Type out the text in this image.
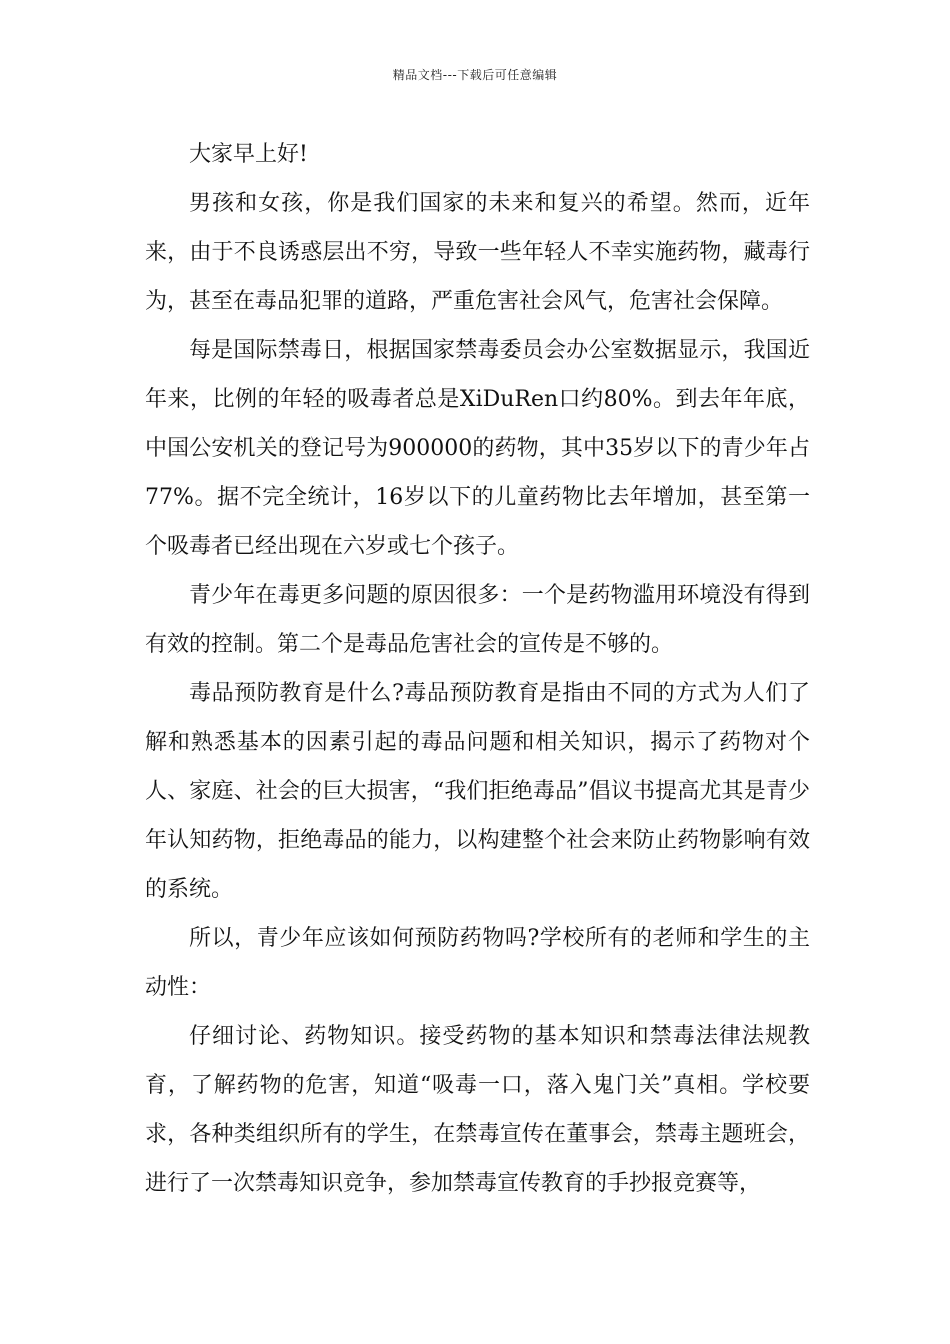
精品文档---下载后可任意编辑

大家早上好!

男孩和女孩，你是我们国家的未来和复兴的希望。然而，近年来，由于不良诱惑层出不穷，导致一些年轻人不幸实施药物，藏毒行为，甚至在毒品犯罪的道路，严重危害社会风气，危害社会保障。

每是国际禁毒日，根据国家禁毒委员会办公室数据显示，我国近年来，比例的年轻的吸毒者总是XiDuRen口约80%。到去年年底，中国公安机关的登记号为900000的药物，其中35岁以下的青少年占77%。据不完全统计，16岁以下的儿童药物比去年增加，甚至第一个吸毒者已经出现在六岁或七个孩子。

青少年在毒更多问题的原因很多：一个是药物滥用环境没有得到有效的控制。第二个是毒品危害社会的宣传是不够的。

毒品预防教育是什么?毒品预防教育是指由不同的方式为人们了解和熟悉基本的因素引起的毒品问题和相关知识，揭示了药物对个人、家庭、社会的巨大损害，“我们拒绝毒品”倡议书提高尤其是青少年认知药物，拒绝毒品的能力，以构建整个社会来防止药物影响有效的系统。

所以，青少年应该如何预防药物吗?学校所有的老师和学生的主动性：

仔细讨论、药物知识。接受药物的基本知识和禁毒法律法规教育，了解药物的危害，知道“吸毒一口，落入鬼门关”真相。学校要求，各种类组织所有的学生，在禁毒宣传在董事会，禁毒主题班会，进行了一次禁毒知识竞争，参加禁毒宣传教育的手抄报竞赛等，
